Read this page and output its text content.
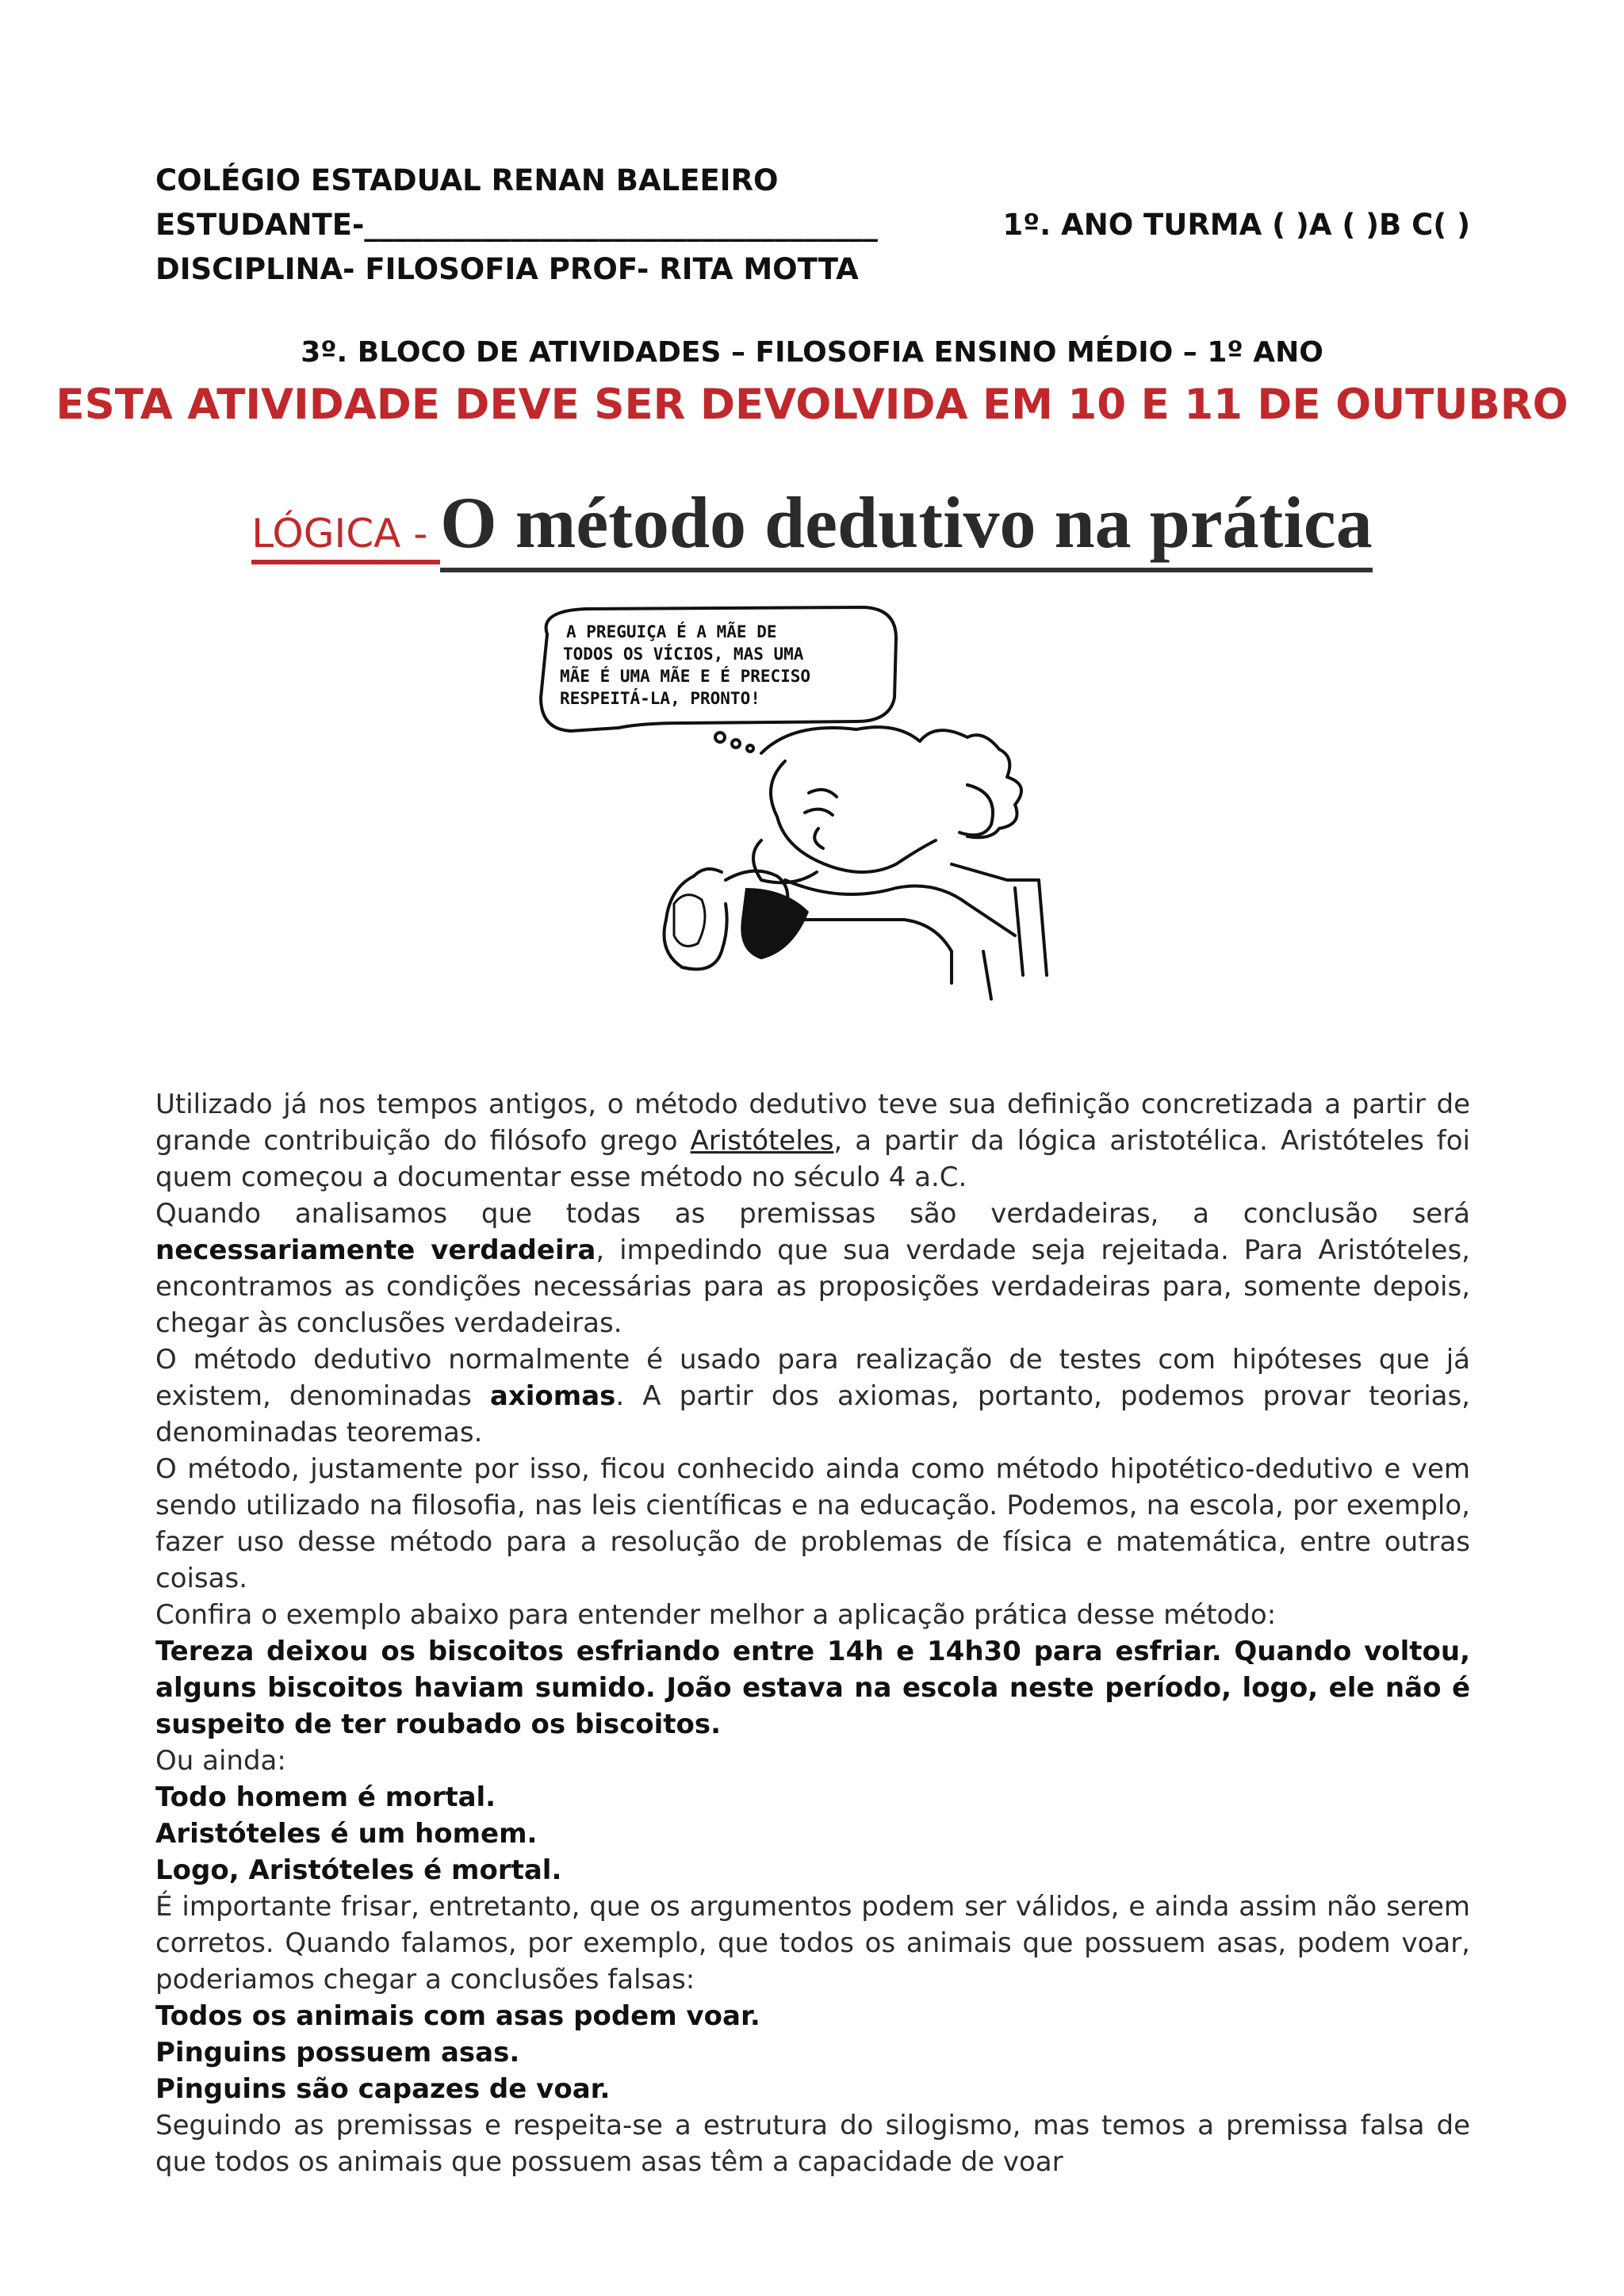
COLÉGIO ESTADUAL RENAN BALEEIRO
ESTUDANTE-___________________________________	1º. ANO TURMA ( )A ( )B C( )
DISCIPLINA- FILOSOFIA PROF- RITA MOTTA
3º. BLOCO DE ATIVIDADES – FILOSOFIA ENSINO MÉDIO – 1º ANO
ESTA ATIVIDADE DEVE SER DEVOLVIDA EM 10 E 11 DE OUTUBRO
LÓGICA - O método dedutivo na prática
A PREGUIÇA É A MÃE DE
TODOS OS VÍCIOS, MAS UMA
MÃE É UMA MÃE E É PRECISO
RESPEITÁ-LA, PRONTO!

Utilizado já nos tempos antigos, o método dedutivo teve sua definição concretizada a partir de grande contribuição do filósofo grego Aristóteles, a partir da lógica aristotélica. Aristóteles foi quem começou a documentar esse método no século 4 a.C.

Quando analisamos que todas as premissas são verdadeiras, a conclusão será necessariamente verdadeira, impedindo que sua verdade seja rejeitada. Para Aristóteles, encontramos as condições necessárias para as proposições verdadeiras para, somente depois, chegar às conclusões verdadeiras.

O método dedutivo normalmente é usado para realização de testes com hipóteses que já existem, denominadas axiomas. A partir dos axiomas, portanto, podemos provar teorias, denominadas teoremas.

O método, justamente por isso, ficou conhecido ainda como método hipotético-dedutivo e vem sendo utilizado na filosofia, nas leis científicas e na educação. Podemos, na escola, por exemplo, fazer uso desse método para a resolução de problemas de física e matemática, entre outras coisas.

Confira o exemplo abaixo para entender melhor a aplicação prática desse método:

Tereza deixou os biscoitos esfriando entre 14h e 14h30 para esfriar. Quando voltou, alguns biscoitos haviam sumido. João estava na escola neste período, logo, ele não é suspeito de ter roubado os biscoitos.

Ou ainda:

Todo homem é mortal.

Aristóteles é um homem.

Logo, Aristóteles é mortal.

É importante frisar, entretanto, que os argumentos podem ser válidos, e ainda assim não serem corretos. Quando falamos, por exemplo, que todos os animais que possuem asas, podem voar, poderiamos chegar a conclusões falsas:

Todos os animais com asas podem voar.

Pinguins possuem asas.

Pinguins são capazes de voar.

Seguindo as premissas e respeita-se a estrutura do silogismo, mas temos a premissa falsa de que todos os animais que possuem asas têm a capacidade de voar
